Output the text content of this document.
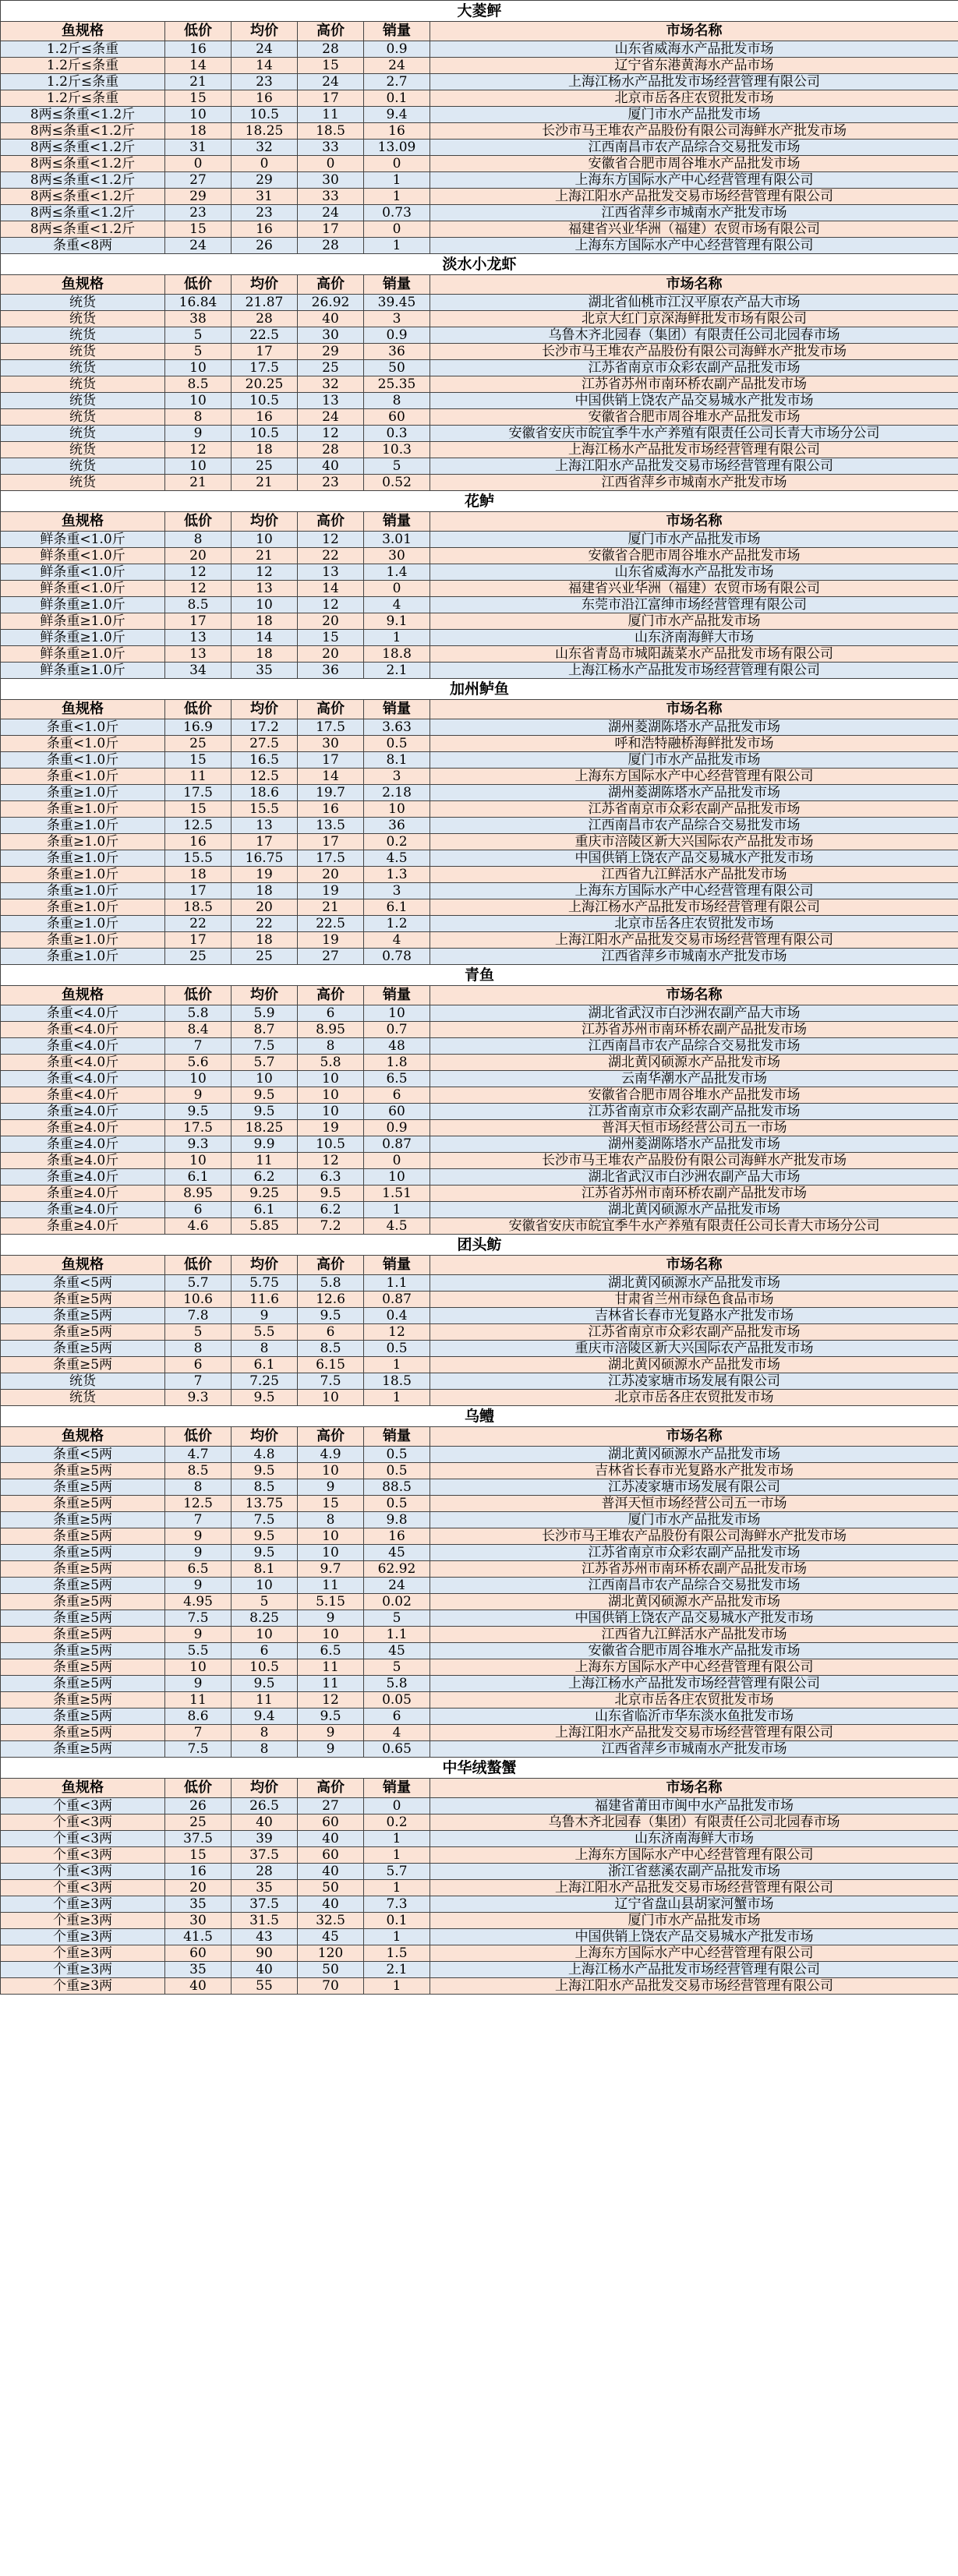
大菱鲆					
鱼规格	低价	均价	高价	销量	市场名称
1.2斤≤条重	16	24	28	0.9	山东省威海水产品批发市场
1.2斤≤条重	14	14	15	24	辽宁省东港黄海水产品市场
1.2斤≤条重	21	23	24	2.7	上海江杨水产品批发市场经营管理有限公司
1.2斤≤条重	15	16	17	0.1	北京市岳各庄农贸批发市场
8两≤条重<1.2斤	10	10.5	11	9.4	厦门市水产品批发市场
8两≤条重<1.2斤	18	18.25	18.5	16	长沙市马王堆农产品股份有限公司海鲜水产批发市场
8两≤条重<1.2斤	31	32	33	13.09	江西南昌市农产品综合交易批发市场
8两≤条重<1.2斤	0	0	0	0	安徽省合肥市周谷堆水产品批发市场
8两≤条重<1.2斤	27	29	30	1	上海东方国际水产中心经营管理有限公司
8两≤条重<1.2斤	29	31	33	1	上海江阳水产品批发交易市场经营管理有限公司
8两≤条重<1.2斤	23	23	24	0.73	江西省萍乡市城南水产批发市场
8两≤条重<1.2斤	15	16	17	0	福建省兴业华洲（福建）农贸市场有限公司
条重<8两	24	26	28	1	上海东方国际水产中心经营管理有限公司
淡水小龙虾					
鱼规格	低价	均价	高价	销量	市场名称
统货	16.84	21.87	26.92	39.45	湖北省仙桃市江汉平原农产品大市场
统货	38	28	40	3	北京大红门京深海鲜批发市场有限公司
统货	5	22.5	30	0.9	乌鲁木齐北园春（集团）有限责任公司北园春市场
统货	5	17	29	36	长沙市马王堆农产品股份有限公司海鲜水产批发市场
统货	10	17.5	25	50	江苏省南京市众彩农副产品批发市场
统货	8.5	20.25	32	25.35	江苏省苏州市南环桥农副产品批发市场
统货	10	10.5	13	8	中国供销上饶农产品交易城水产批发市场
统货	8	16	24	60	安徽省合肥市周谷堆水产品批发市场
统货	9	10.5	12	0.3	安徽省安庆市皖宜季牛水产养殖有限责任公司长青大市场分公司
统货	12	18	28	10.3	上海江杨水产品批发市场经营管理有限公司
统货	10	25	40	5	上海江阳水产品批发交易市场经营管理有限公司
统货	21	21	23	0.52	江西省萍乡市城南水产批发市场
花鲈					
鱼规格	低价	均价	高价	销量	市场名称
鲜条重<1.0斤	8	10	12	3.01	厦门市水产品批发市场
鲜条重<1.0斤	20	21	22	30	安徽省合肥市周谷堆水产品批发市场
鲜条重<1.0斤	12	12	13	1.4	山东省威海水产品批发市场
鲜条重<1.0斤	12	13	14	0	福建省兴业华洲（福建）农贸市场有限公司
鲜条重≥1.0斤	8.5	10	12	4	东莞市沿江富绅市场经营管理有限公司
鲜条重≥1.0斤	17	18	20	9.1	厦门市水产品批发市场
鲜条重≥1.0斤	13	14	15	1	山东济南海鲜大市场
鲜条重≥1.0斤	13	18	20	18.8	山东省青岛市城阳蔬菜水产品批发市场有限公司
鲜条重≥1.0斤	34	35	36	2.1	上海江杨水产品批发市场经营管理有限公司
加州鲈鱼					
鱼规格	低价	均价	高价	销量	市场名称
条重<1.0斤	16.9	17.2	17.5	3.63	湖州菱湖陈塔水产品批发市场
条重<1.0斤	25	27.5	30	0.5	呼和浩特融桥海鲜批发市场
条重<1.0斤	15	16.5	17	8.1	厦门市水产品批发市场
条重<1.0斤	11	12.5	14	3	上海东方国际水产中心经营管理有限公司
条重≥1.0斤	17.5	18.6	19.7	2.18	湖州菱湖陈塔水产品批发市场
条重≥1.0斤	15	15.5	16	10	江苏省南京市众彩农副产品批发市场
条重≥1.0斤	12.5	13	13.5	36	江西南昌市农产品综合交易批发市场
条重≥1.0斤	16	17	17	0.2	重庆市涪陵区新大兴国际农产品批发市场
条重≥1.0斤	15.5	16.75	17.5	4.5	中国供销上饶农产品交易城水产批发市场
条重≥1.0斤	18	19	20	1.3	江西省九江鲜活水产品批发市场
条重≥1.0斤	17	18	19	3	上海东方国际水产中心经营管理有限公司
条重≥1.0斤	18.5	20	21	6.1	上海江杨水产品批发市场经营管理有限公司
条重≥1.0斤	22	22	22.5	1.2	北京市岳各庄农贸批发市场
条重≥1.0斤	17	18	19	4	上海江阳水产品批发交易市场经营管理有限公司
条重≥1.0斤	25	25	27	0.78	江西省萍乡市城南水产批发市场
青鱼					
鱼规格	低价	均价	高价	销量	市场名称
条重<4.0斤	5.8	5.9	6	10	湖北省武汉市白沙洲农副产品大市场
条重<4.0斤	8.4	8.7	8.95	0.7	江苏省苏州市南环桥农副产品批发市场
条重<4.0斤	7	7.5	8	48	江西南昌市农产品综合交易批发市场
条重<4.0斤	5.6	5.7	5.8	1.8	湖北黄冈硕源水产品批发市场
条重<4.0斤	10	10	10	6.5	云南华潮水产品批发市场
条重<4.0斤	9	9.5	10	6	安徽省合肥市周谷堆水产品批发市场
条重≥4.0斤	9.5	9.5	10	60	江苏省南京市众彩农副产品批发市场
条重≥4.0斤	17.5	18.25	19	0.9	普洱天恒市场经营公司五一市场
条重≥4.0斤	9.3	9.9	10.5	0.87	湖州菱湖陈塔水产品批发市场
条重≥4.0斤	10	11	12	0	长沙市马王堆农产品股份有限公司海鲜水产批发市场
条重≥4.0斤	6.1	6.2	6.3	10	湖北省武汉市白沙洲农副产品大市场
条重≥4.0斤	8.95	9.25	9.5	1.51	江苏省苏州市南环桥农副产品批发市场
条重≥4.0斤	6	6.1	6.2	1	湖北黄冈硕源水产品批发市场
条重≥4.0斤	4.6	5.85	7.2	4.5	安徽省安庆市皖宜季牛水产养殖有限责任公司长青大市场分公司
团头鲂					
鱼规格	低价	均价	高价	销量	市场名称
条重<5两	5.7	5.75	5.8	1.1	湖北黄冈硕源水产品批发市场
条重≥5两	10.6	11.6	12.6	0.87	甘肃省兰州市绿色食品市场
条重≥5两	7.8	9	9.5	0.4	吉林省长春市光复路水产批发市场
条重≥5两	5	5.5	6	12	江苏省南京市众彩农副产品批发市场
条重≥5两	8	8	8.5	0.5	重庆市涪陵区新大兴国际农产品批发市场
条重≥5两	6	6.1	6.15	1	湖北黄冈硕源水产品批发市场
统货	7	7.25	7.5	18.5	江苏凌家塘市场发展有限公司
统货	9.3	9.5	10	1	北京市岳各庄农贸批发市场
乌鳢					
鱼规格	低价	均价	高价	销量	市场名称
条重<5两	4.7	4.8	4.9	0.5	湖北黄冈硕源水产品批发市场
条重≥5两	8.5	9.5	10	0.5	吉林省长春市光复路水产批发市场
条重≥5两	8	8.5	9	88.5	江苏凌家塘市场发展有限公司
条重≥5两	12.5	13.75	15	0.5	普洱天恒市场经营公司五一市场
条重≥5两	7	7.5	8	9.8	厦门市水产品批发市场
条重≥5两	9	9.5	10	16	长沙市马王堆农产品股份有限公司海鲜水产批发市场
条重≥5两	9	9.5	10	45	江苏省南京市众彩农副产品批发市场
条重≥5两	6.5	8.1	9.7	62.92	江苏省苏州市南环桥农副产品批发市场
条重≥5两	9	10	11	24	江西南昌市农产品综合交易批发市场
条重≥5两	4.95	5	5.15	0.02	湖北黄冈硕源水产品批发市场
条重≥5两	7.5	8.25	9	5	中国供销上饶农产品交易城水产批发市场
条重≥5两	9	10	10	1.1	江西省九江鲜活水产品批发市场
条重≥5两	5.5	6	6.5	45	安徽省合肥市周谷堆水产品批发市场
条重≥5两	10	10.5	11	5	上海东方国际水产中心经营管理有限公司
条重≥5两	9	9.5	11	5.8	上海江杨水产品批发市场经营管理有限公司
条重≥5两	11	11	12	0.05	北京市岳各庄农贸批发市场
条重≥5两	8.6	9.4	9.5	6	山东省临沂市华东淡水鱼批发市场
条重≥5两	7	8	9	4	上海江阳水产品批发交易市场经营管理有限公司
条重≥5两	7.5	8	9	0.65	江西省萍乡市城南水产批发市场
中华绒螯蟹					
鱼规格	低价	均价	高价	销量	市场名称
个重<3两	26	26.5	27	0	福建省莆田市闽中水产品批发市场
个重<3两	25	40	60	0.2	乌鲁木齐北园春（集团）有限责任公司北园春市场
个重<3两	37.5	39	40	1	山东济南海鲜大市场
个重<3两	15	37.5	60	1	上海东方国际水产中心经营管理有限公司
个重<3两	16	28	40	5.7	浙江省慈溪农副产品批发市场
个重<3两	20	35	50	1	上海江阳水产品批发交易市场经营管理有限公司
个重≥3两	35	37.5	40	7.3	辽宁省盘山县胡家河蟹市场
个重≥3两	30	31.5	32.5	0.1	厦门市水产品批发市场
个重≥3两	41.5	43	45	1	中国供销上饶农产品交易城水产批发市场
个重≥3两	60	90	120	1.5	上海东方国际水产中心经营管理有限公司
个重≥3两	35	40	50	2.1	上海江杨水产品批发市场经营管理有限公司
个重≥3两	40	55	70	1	上海江阳水产品批发交易市场经营管理有限公司
